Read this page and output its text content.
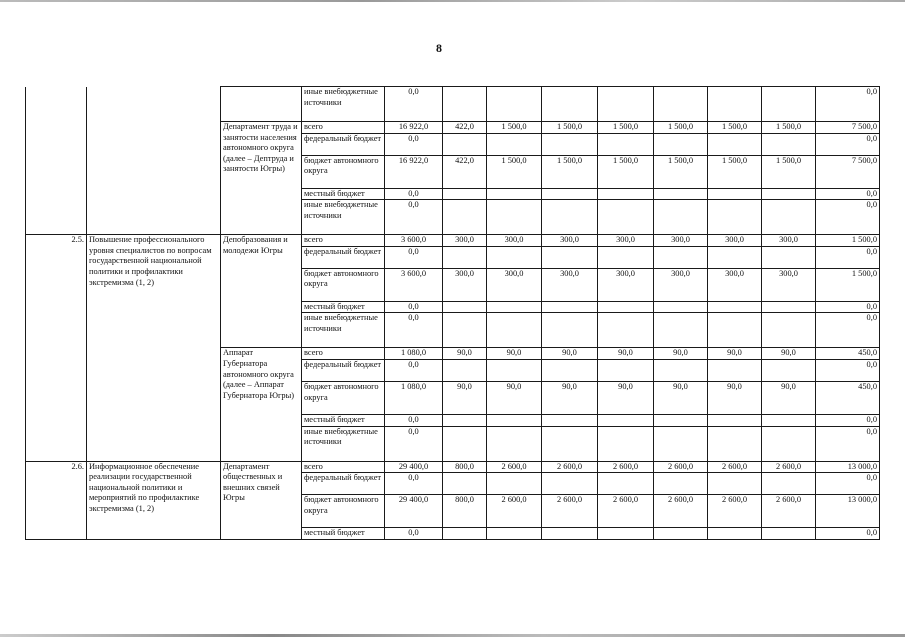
8
			иные внебюджетные источники	0,0								0,0
		Департамент труда и занятости населения автономного округа (далее – Дептруда и занятости Югры)	всего	16 922,0	422,0	1 500,0	1 500,0	1 500,0	1 500,0	1 500,0	1 500,0	7 500,0
			федеральный бюджет	0,0								0,0
			бюджет автономного округа	16 922,0	422,0	1 500,0	1 500,0	1 500,0	1 500,0	1 500,0	1 500,0	7 500,0
			местный бюджет	0,0								0,0
			иные внебюджетные источники	0,0								0,0
2.5.	Повышение профессионального уровня специалистов по вопросам государственной национальной политики и профилактики экстремизма (1, 2)	Депобразования и молодежи Югры	всего	3 600,0	300,0	300,0	300,0	300,0	300,0	300,0	300,0	1 500,0
			федеральный бюджет	0,0								0,0
			бюджет автономного округа	3 600,0	300,0	300,0	300,0	300,0	300,0	300,0	300,0	1 500,0
			местный бюджет	0,0								0,0
			иные внебюджетные источники	0,0								0,0
		Аппарат Губернатора автономного округа (далее – Аппарат Губернатора Югры)	всего	1 080,0	90,0	90,0	90,0	90,0	90,0	90,0	90,0	450,0
			федеральный бюджет	0,0								0,0
			бюджет автономного округа	1 080,0	90,0	90,0	90,0	90,0	90,0	90,0	90,0	450,0
			местный бюджет	0,0								0,0
			иные внебюджетные источники	0,0								0,0
2.6.	Информационное обеспечение реализации государственной национальной политики и мероприятий по профилактике экстремизма (1, 2)	Департамент общественных и внешних связей Югры	всего	29 400,0	800,0	2 600,0	2 600,0	2 600,0	2 600,0	2 600,0	2 600,0	13 000,0
			федеральный бюджет	0,0								0,0
			бюджет автономного округа	29 400,0	800,0	2 600,0	2 600,0	2 600,0	2 600,0	2 600,0	2 600,0	13 000,0
			местный бюджет	0,0								0,0
